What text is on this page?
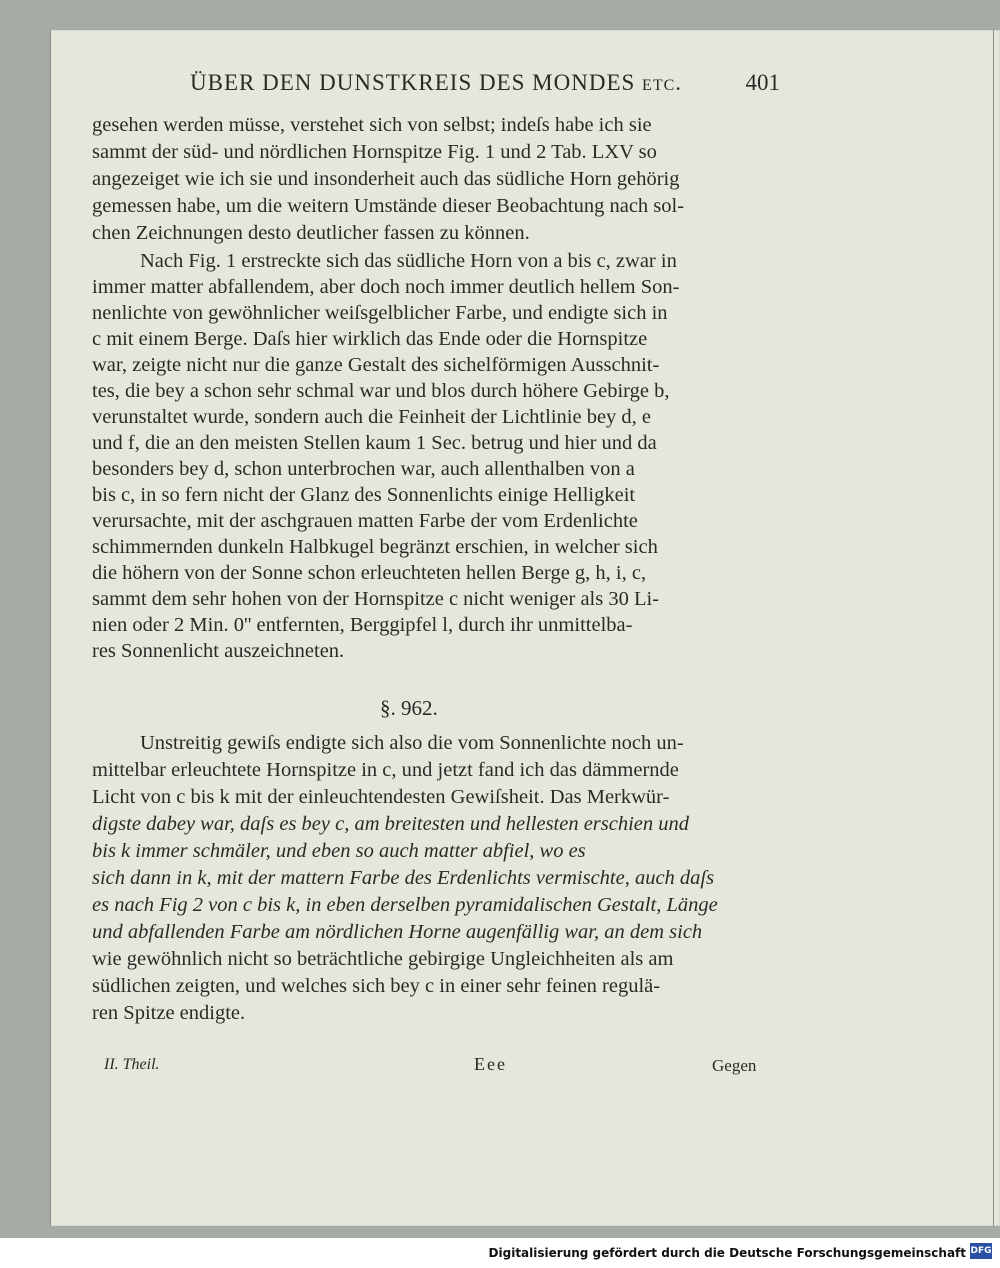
ÜBER DEN DUNSTKREIS DES MONDES etc.	401
gesehen werden müsse, verstehet sich von selbst; indeſs habe ich sie
sammt der süd- und nördlichen Hornspitze Fig. 1 und 2 Tab. LXV so
angezeiget wie ich sie und insonderheit auch das südliche Horn gehörig
gemessen habe, um die weitern Umstände dieser Beobachtung nach sol-
chen Zeichnungen desto deutlicher fassen zu können.
Nach Fig. 1 erstreckte sich das südliche Horn von a bis c, zwar in
immer matter abfallendem, aber doch noch immer deutlich hellem Son-
nenlichte von gewöhnlicher weiſsgelblicher Farbe, und endigte sich in
c mit einem Berge. Daſs hier wirklich das Ende oder die Hornspitze
war, zeigte nicht nur die ganze Gestalt des sichelförmigen Ausschnit-
tes, die bey a schon sehr schmal war und blos durch höhere Gebirge b,
verunstaltet wurde, sondern auch die Feinheit der Lichtlinie bey d, e
und f, die an den meisten Stellen kaum 1 Sec. betrug und hier und da
besonders bey d, schon unterbrochen war, auch allenthalben von a
bis c, in so fern nicht der Glanz des Sonnenlichts einige Helligkeit
verursachte, mit der aschgrauen matten Farbe der vom Erdenlichte
schimmernden dunkeln Halbkugel begränzt erschien, in welcher sich
die höhern von der Sonne schon erleuchteten hellen Berge g, h, i, c,
sammt dem sehr hohen von der Hornspitze c nicht weniger als 30 Li-
nien oder 2 Min. 0'' entfernten, Berggipfel l, durch ihr unmittelba-
res Sonnenlicht auszeichneten.
§. 962.
Unstreitig gewiſs endigte sich also die vom Sonnenlichte noch un-
mittelbar erleuchtete Hornspitze in c, und jetzt fand ich das dämmernde
Licht von c bis k mit der einleuchtendesten Gewiſsheit. Das Merkwür-
digste dabey war, daſs es bey c, am breitesten und hellesten erschien und
bis k immer schmäler, und eben so auch matter abfiel, wo es
sich dann in k, mit der mattern Farbe des Erdenlichts vermischte, auch daſs
es nach Fig 2 von c bis k, in eben derselben pyramidalischen Gestalt, Länge
und abfallenden Farbe am nördlichen Horne augenfällig war, an dem sich
wie gewöhnlich nicht so beträchtliche gebirgige Ungleichheiten als am
südlichen zeigten, und welches sich bey c in einer sehr feinen regulä-
ren Spitze endigte.
II. Theil.	Eee	Gegen
Digitalisierung gefördert durch die Deutsche Forschungsgemeinschaft DFG
